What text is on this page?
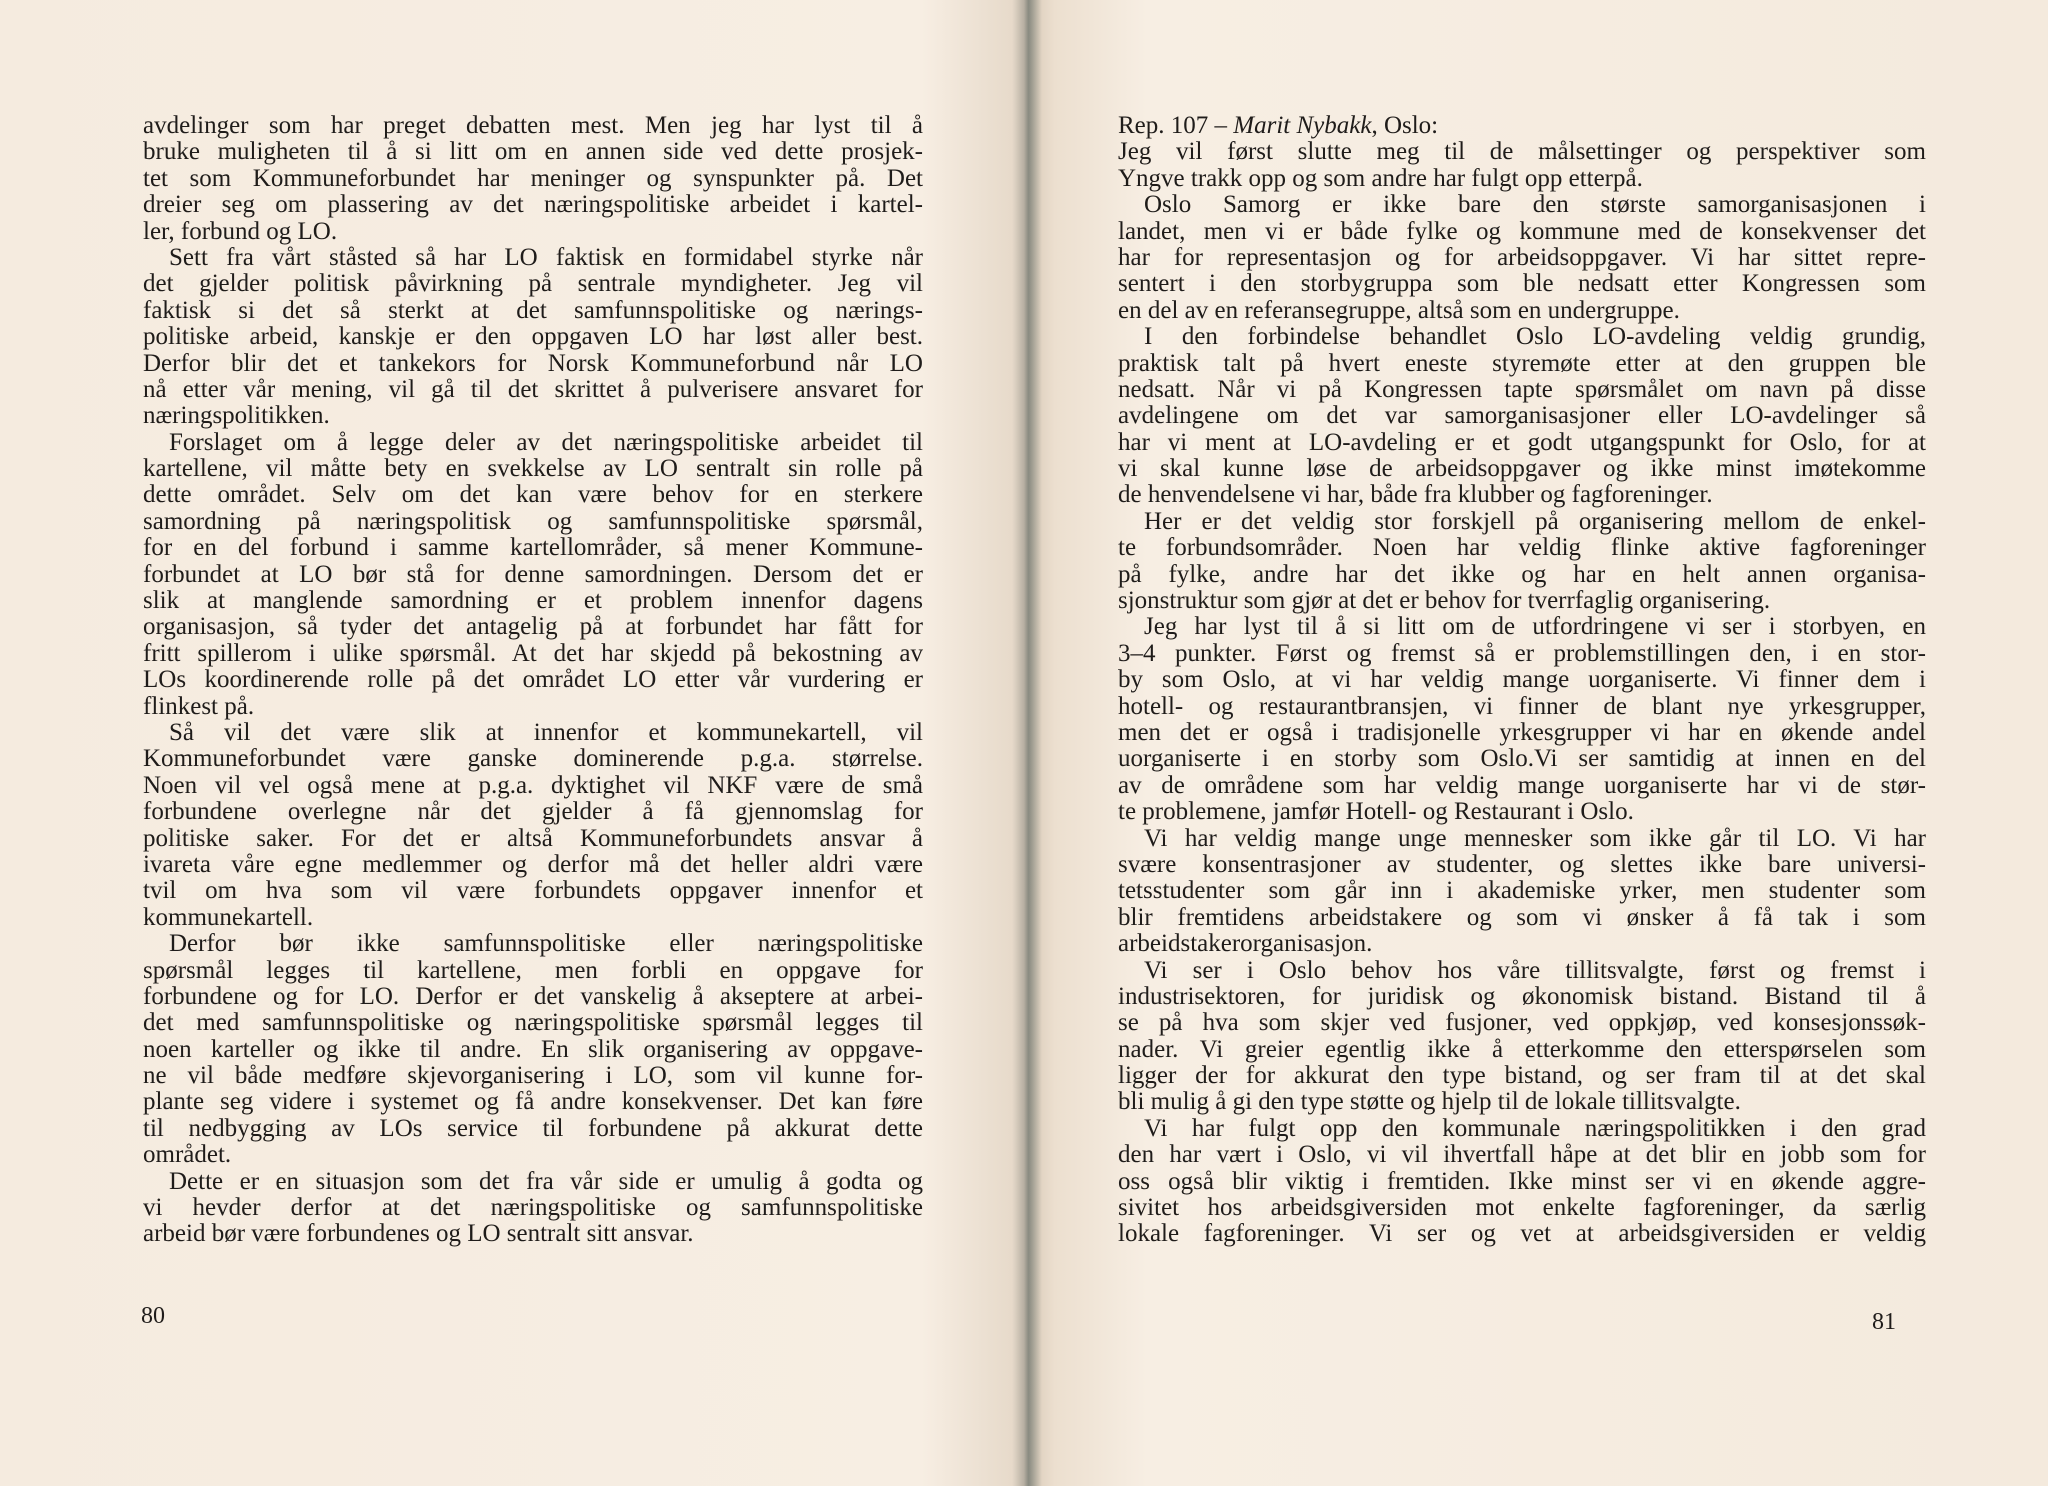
avdelinger som har preget debatten mest. Men jeg har lyst til å
bruke muligheten til å si litt om en annen side ved dette prosjek-
tet som Kommuneforbundet har meninger og synspunkter på. Det
dreier seg om plassering av det næringspolitiske arbeidet i kartel-
ler, forbund og LO.
Sett fra vårt ståsted så har LO faktisk en formidabel styrke når
det gjelder politisk påvirkning på sentrale myndigheter. Jeg vil
faktisk si det så sterkt at det samfunnspolitiske og nærings-
politiske arbeid, kanskje er den oppgaven LO har løst aller best.
Derfor blir det et tankekors for Norsk Kommuneforbund når LO
nå etter vår mening, vil gå til det skrittet å pulverisere ansvaret for
næringspolitikken.
Forslaget om å legge deler av det næringspolitiske arbeidet til
kartellene, vil måtte bety en svekkelse av LO sentralt sin rolle på
dette området. Selv om det kan være behov for en sterkere
samordning på næringspolitisk og samfunnspolitiske spørsmål,
for en del forbund i samme kartellområder, så mener Kommune-
forbundet at LO bør stå for denne samordningen. Dersom det er
slik at manglende samordning er et problem innenfor dagens
organisasjon, så tyder det antagelig på at forbundet har fått for
fritt spillerom i ulike spørsmål. At det har skjedd på bekostning av
LOs koordinerende rolle på det området LO etter vår vurdering er
flinkest på.
Så vil det være slik at innenfor et kommunekartell, vil
Kommuneforbundet være ganske dominerende p.g.a. størrelse.
Noen vil vel også mene at p.g.a. dyktighet vil NKF være de små
forbundene overlegne når det gjelder å få gjennomslag for
politiske saker. For det er altså Kommuneforbundets ansvar å
ivareta våre egne medlemmer og derfor må det heller aldri være
tvil om hva som vil være forbundets oppgaver innenfor et
kommunekartell.
Derfor bør ikke samfunnspolitiske eller næringspolitiske
spørsmål legges til kartellene, men forbli en oppgave for
forbundene og for LO. Derfor er det vanskelig å akseptere at arbei-
det med samfunnspolitiske og næringspolitiske spørsmål legges til
noen karteller og ikke til andre. En slik organisering av oppgave-
ne vil både medføre skjevorganisering i LO, som vil kunne for-
plante seg videre i systemet og få andre konsekvenser. Det kan føre
til nedbygging av LOs service til forbundene på akkurat dette
området.
Dette er en situasjon som det fra vår side er umulig å godta og
vi hevder derfor at det næringspolitiske og samfunnspolitiske
arbeid bør være forbundenes og LO sentralt sitt ansvar.
80
Rep. 107 – Marit Nybakk, Oslo:
Jeg vil først slutte meg til de målsettinger og perspektiver som
Yngve trakk opp og som andre har fulgt opp etterpå.
Oslo Samorg er ikke bare den største samorganisasjonen i
landet, men vi er både fylke og kommune med de konsekvenser det
har for representasjon og for arbeidsoppgaver. Vi har sittet repre-
sentert i den storbygruppa som ble nedsatt etter Kongressen som
en del av en referansegruppe, altså som en undergruppe.
I den forbindelse behandlet Oslo LO-avdeling veldig grundig,
praktisk talt på hvert eneste styremøte etter at den gruppen ble
nedsatt. Når vi på Kongressen tapte spørsmålet om navn på disse
avdelingene om det var samorganisasjoner eller LO-avdelinger så
har vi ment at LO-avdeling er et godt utgangspunkt for Oslo, for at
vi skal kunne løse de arbeidsoppgaver og ikke minst imøtekomme
de henvendelsene vi har, både fra klubber og fagforeninger.
Her er det veldig stor forskjell på organisering mellom de enkel-
te forbundsområder. Noen har veldig flinke aktive fagforeninger
på fylke, andre har det ikke og har en helt annen organisa-
sjonstruktur som gjør at det er behov for tverrfaglig organisering.
Jeg har lyst til å si litt om de utfordringene vi ser i storbyen, en
3–4 punkter. Først og fremst så er problemstillingen den, i en stor-
by som Oslo, at vi har veldig mange uorganiserte. Vi finner dem i
hotell- og restaurantbransjen, vi finner de blant nye yrkesgrupper,
men det er også i tradisjonelle yrkesgrupper vi har en økende andel
uorganiserte i en storby som Oslo.Vi ser samtidig at innen en del
av de områdene som har veldig mange uorganiserte har vi de stør-
te problemene, jamfør Hotell- og Restaurant i Oslo.
Vi har veldig mange unge mennesker som ikke går til LO. Vi har
svære konsentrasjoner av studenter, og slettes ikke bare universi-
tetsstudenter som går inn i akademiske yrker, men studenter som
blir fremtidens arbeidstakere og som vi ønsker å få tak i som
arbeidstakerorganisasjon.
Vi ser i Oslo behov hos våre tillitsvalgte, først og fremst i
industrisektoren, for juridisk og økonomisk bistand. Bistand til å
se på hva som skjer ved fusjoner, ved oppkjøp, ved konsesjonssøk-
nader. Vi greier egentlig ikke å etterkomme den etterspørselen som
ligger der for akkurat den type bistand, og ser fram til at det skal
bli mulig å gi den type støtte og hjelp til de lokale tillitsvalgte.
Vi har fulgt opp den kommunale næringspolitikken i den grad
den har vært i Oslo, vi vil ihvertfall håpe at det blir en jobb som for
oss også blir viktig i fremtiden. Ikke minst ser vi en økende aggre-
sivitet hos arbeidsgiversiden mot enkelte fagforeninger, da særlig
lokale fagforeninger. Vi ser og vet at arbeidsgiversiden er veldig
81
